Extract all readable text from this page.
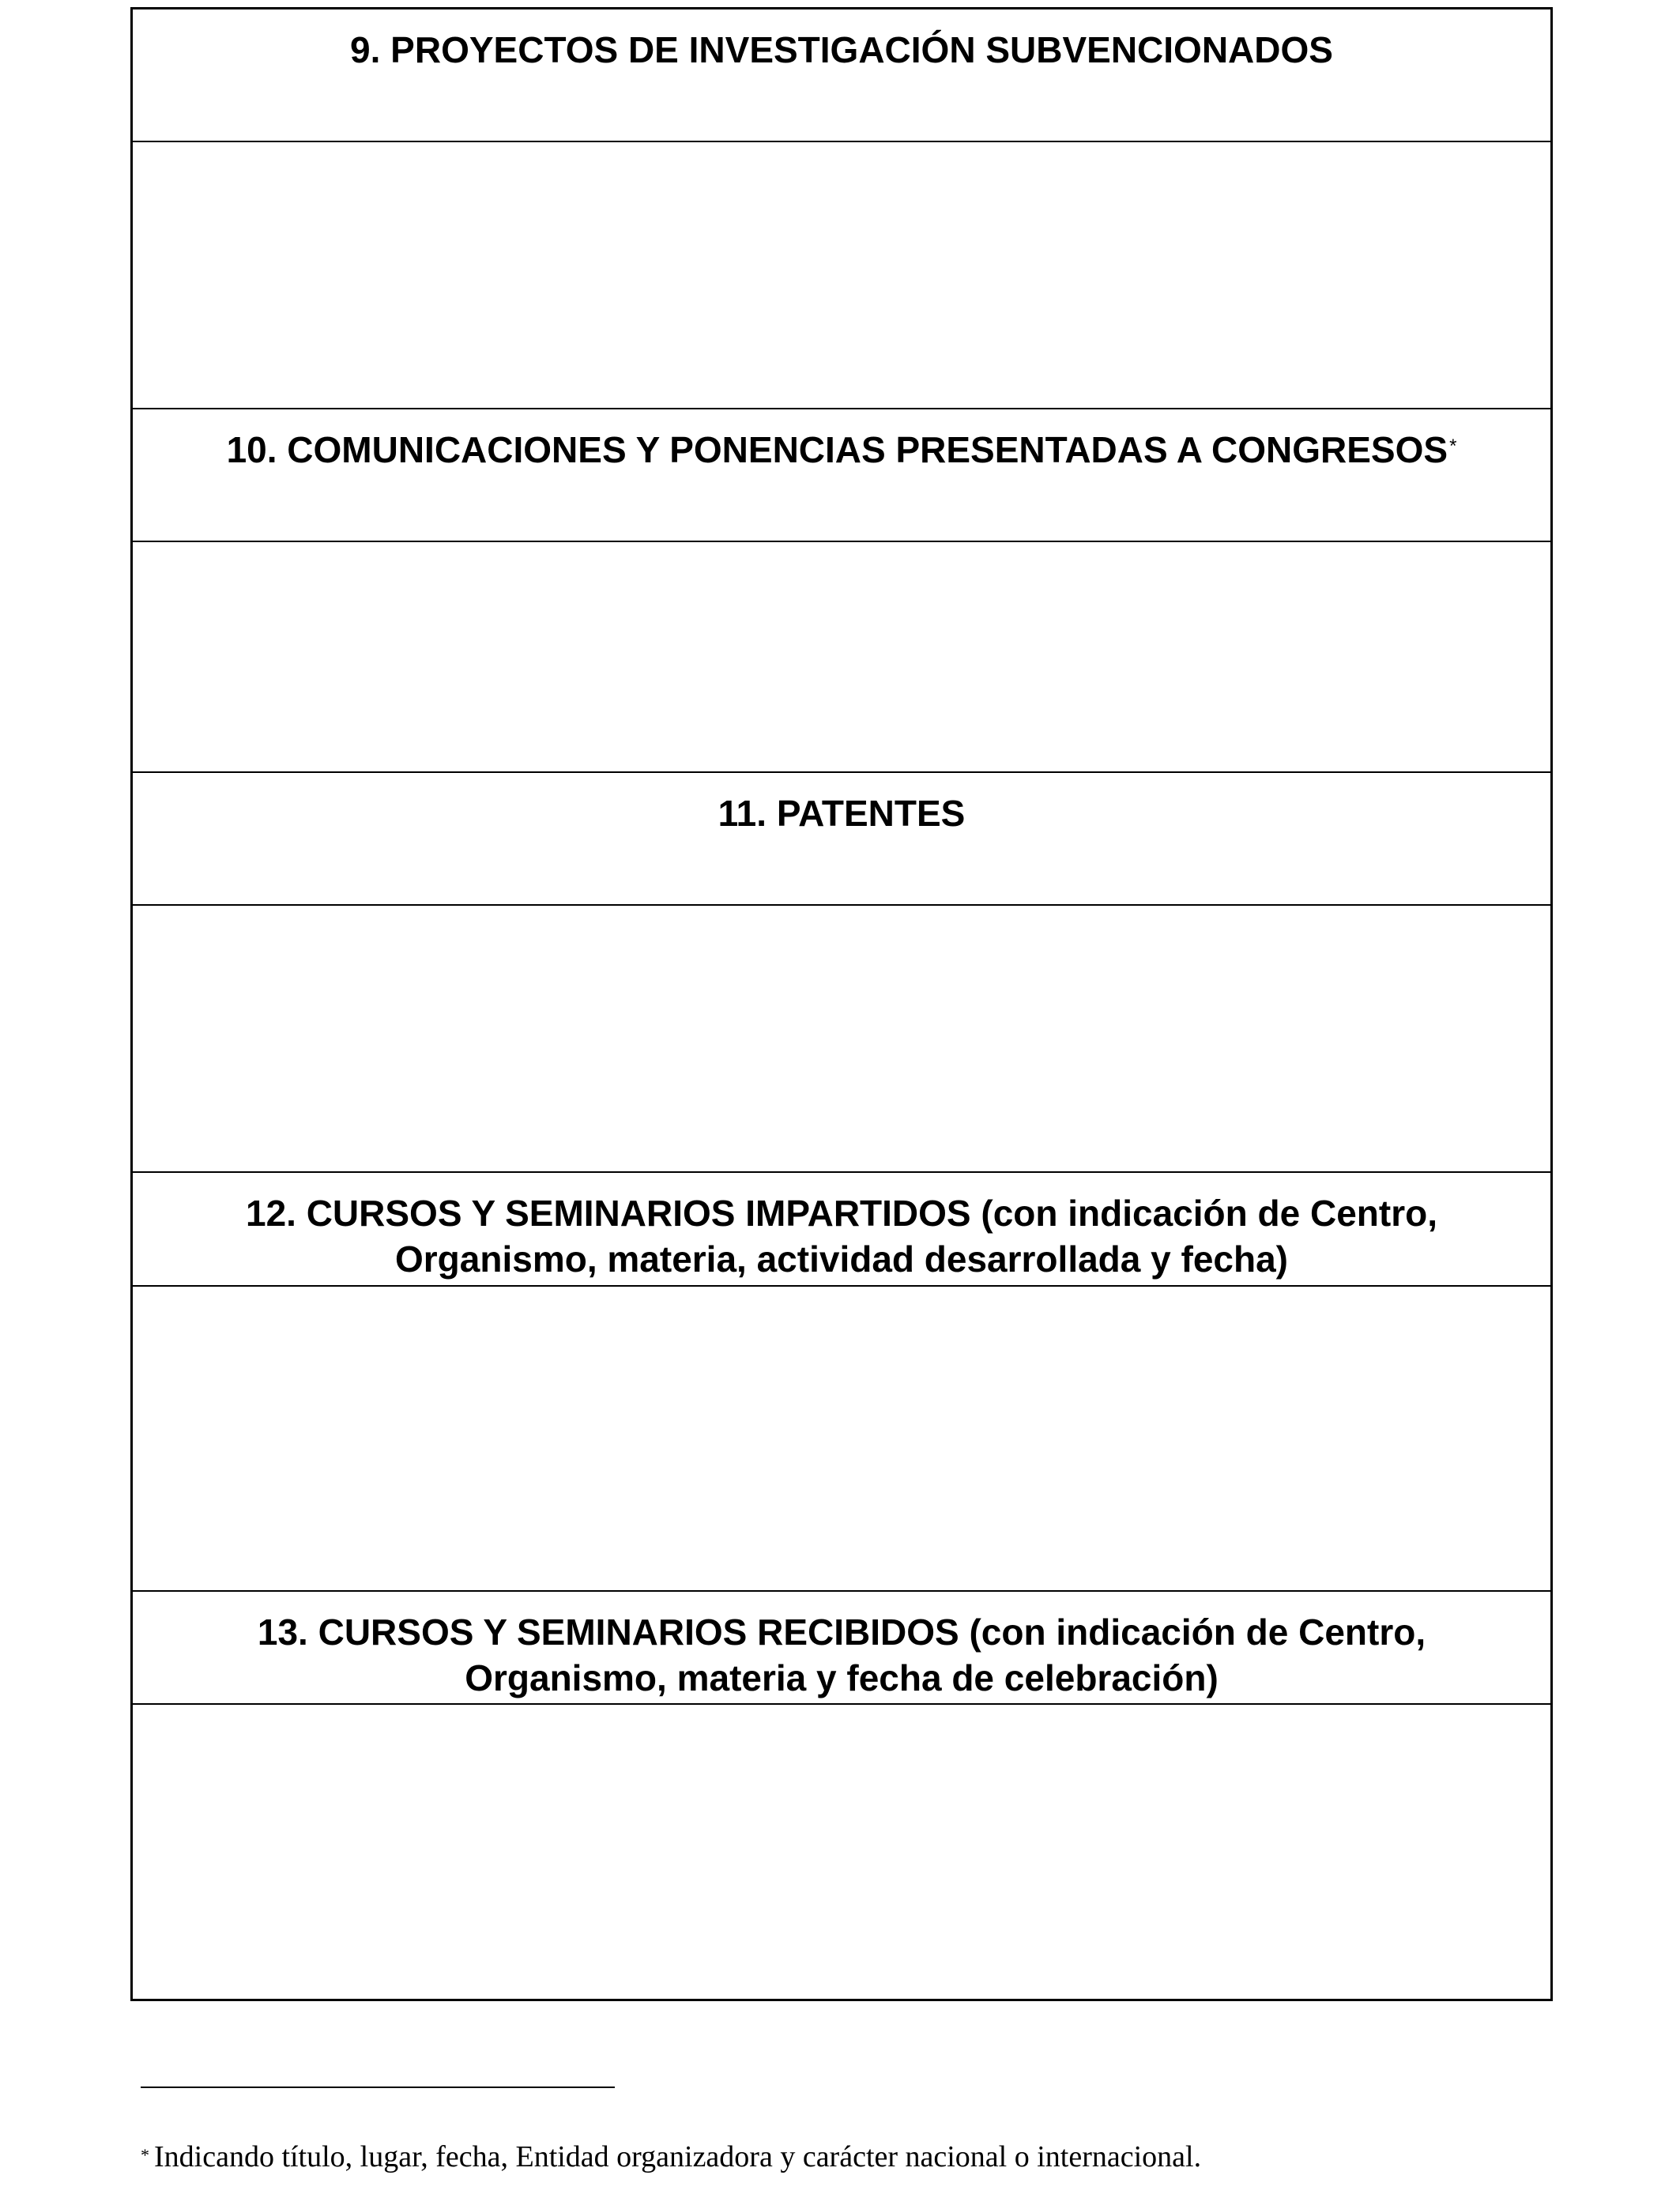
9. PROYECTOS DE INVESTIGACIÓN SUBVENCIONADOS
10. COMUNICACIONES Y PONENCIAS PRESENTADAS A CONGRESOS*
11. PATENTES
12. CURSOS Y SEMINARIOS IMPARTIDOS (con indicación de Centro,
Organismo, materia, actividad desarrollada y fecha)
13. CURSOS Y SEMINARIOS RECIBIDOS (con indicación de Centro,
Organismo, materia y fecha de celebración)
* Indicando título, lugar, fecha, Entidad organizadora y carácter nacional o internacional.
